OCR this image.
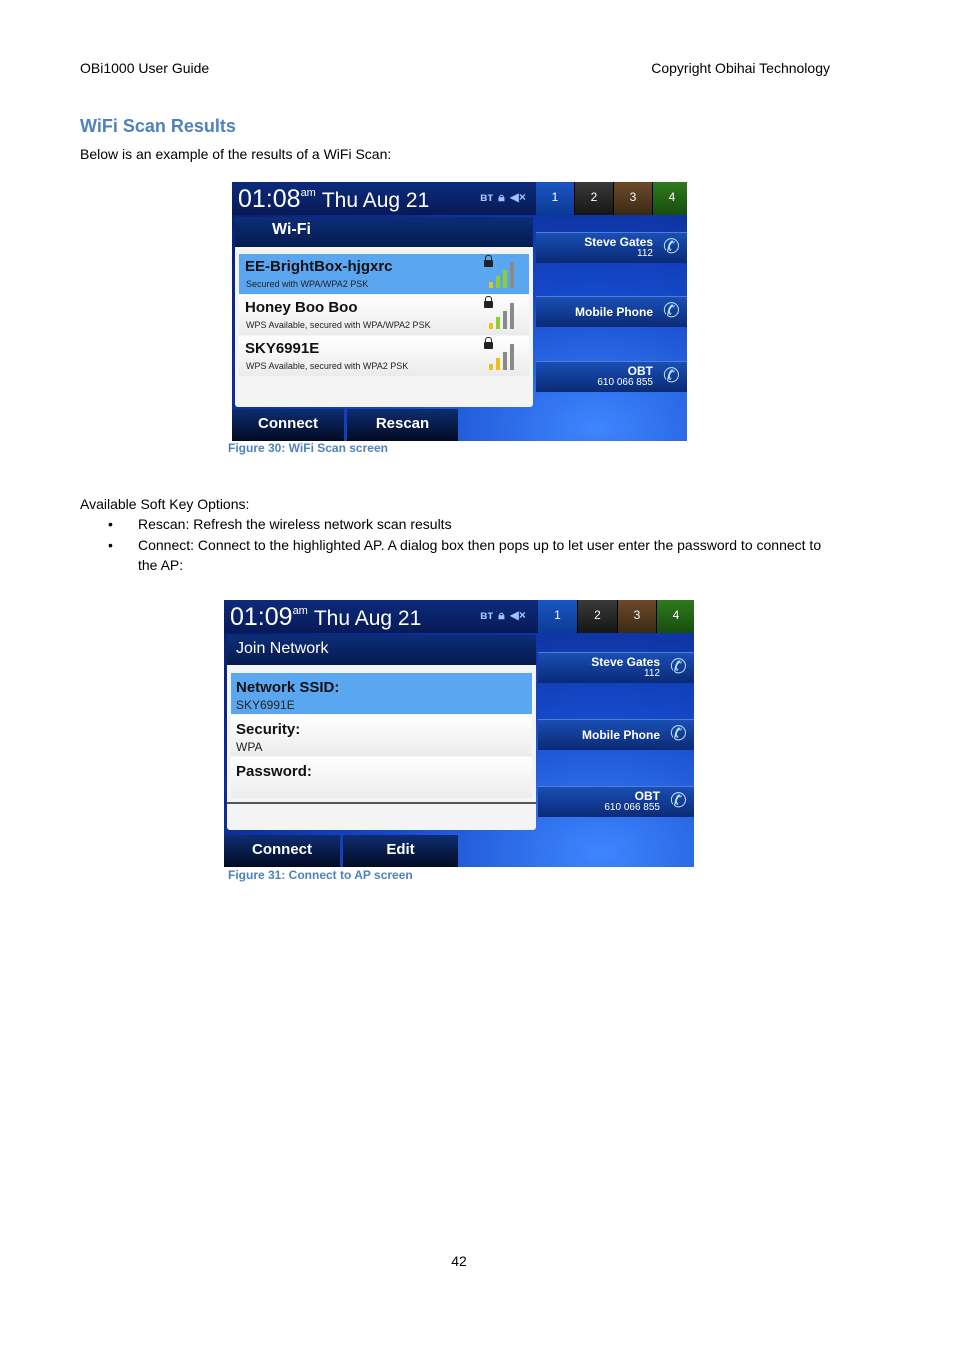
OBi1000 User Guide	Copyright Obihai Technology
WiFi Scan Results
Below is an example of the results of a WiFi Scan:
$01:08^{am}$ Thu Aug 21	ʙᴛ 🔒︎ ◀×	1	2	3	4
Wi-Fi
EE-BrightBox-hjgxrc
Secured with WPA/WPA2 PSK
Honey Boo Boo
WPS Available, secured with WPA/WPA2 PSK
SKY6991E
WPS Available, secured with WPA2 PSK
Steve Gates
112 ✆
Mobile Phone ✆
OBT
610 066 855 ✆
Connect	Rescan
Figure 30: WiFi Scan screen
Available Soft Key Options:
• Rescan: Refresh the wireless network scan results
• Connect: Connect to the highlighted AP. A dialog box then pops up to let user enter the password to connect to the AP:
$01:09^{am}$ Thu Aug 21	ʙᴛ 🔒︎ ◀×	1	2	3	4
Join Network
Network SSID:
SKY6991E
Security:
WPA
Password:
Steve Gates
112 ✆
Mobile Phone ✆
OBT
610 066 855 ✆
Connect	Edit
Figure 31: Connect to AP screen
42
